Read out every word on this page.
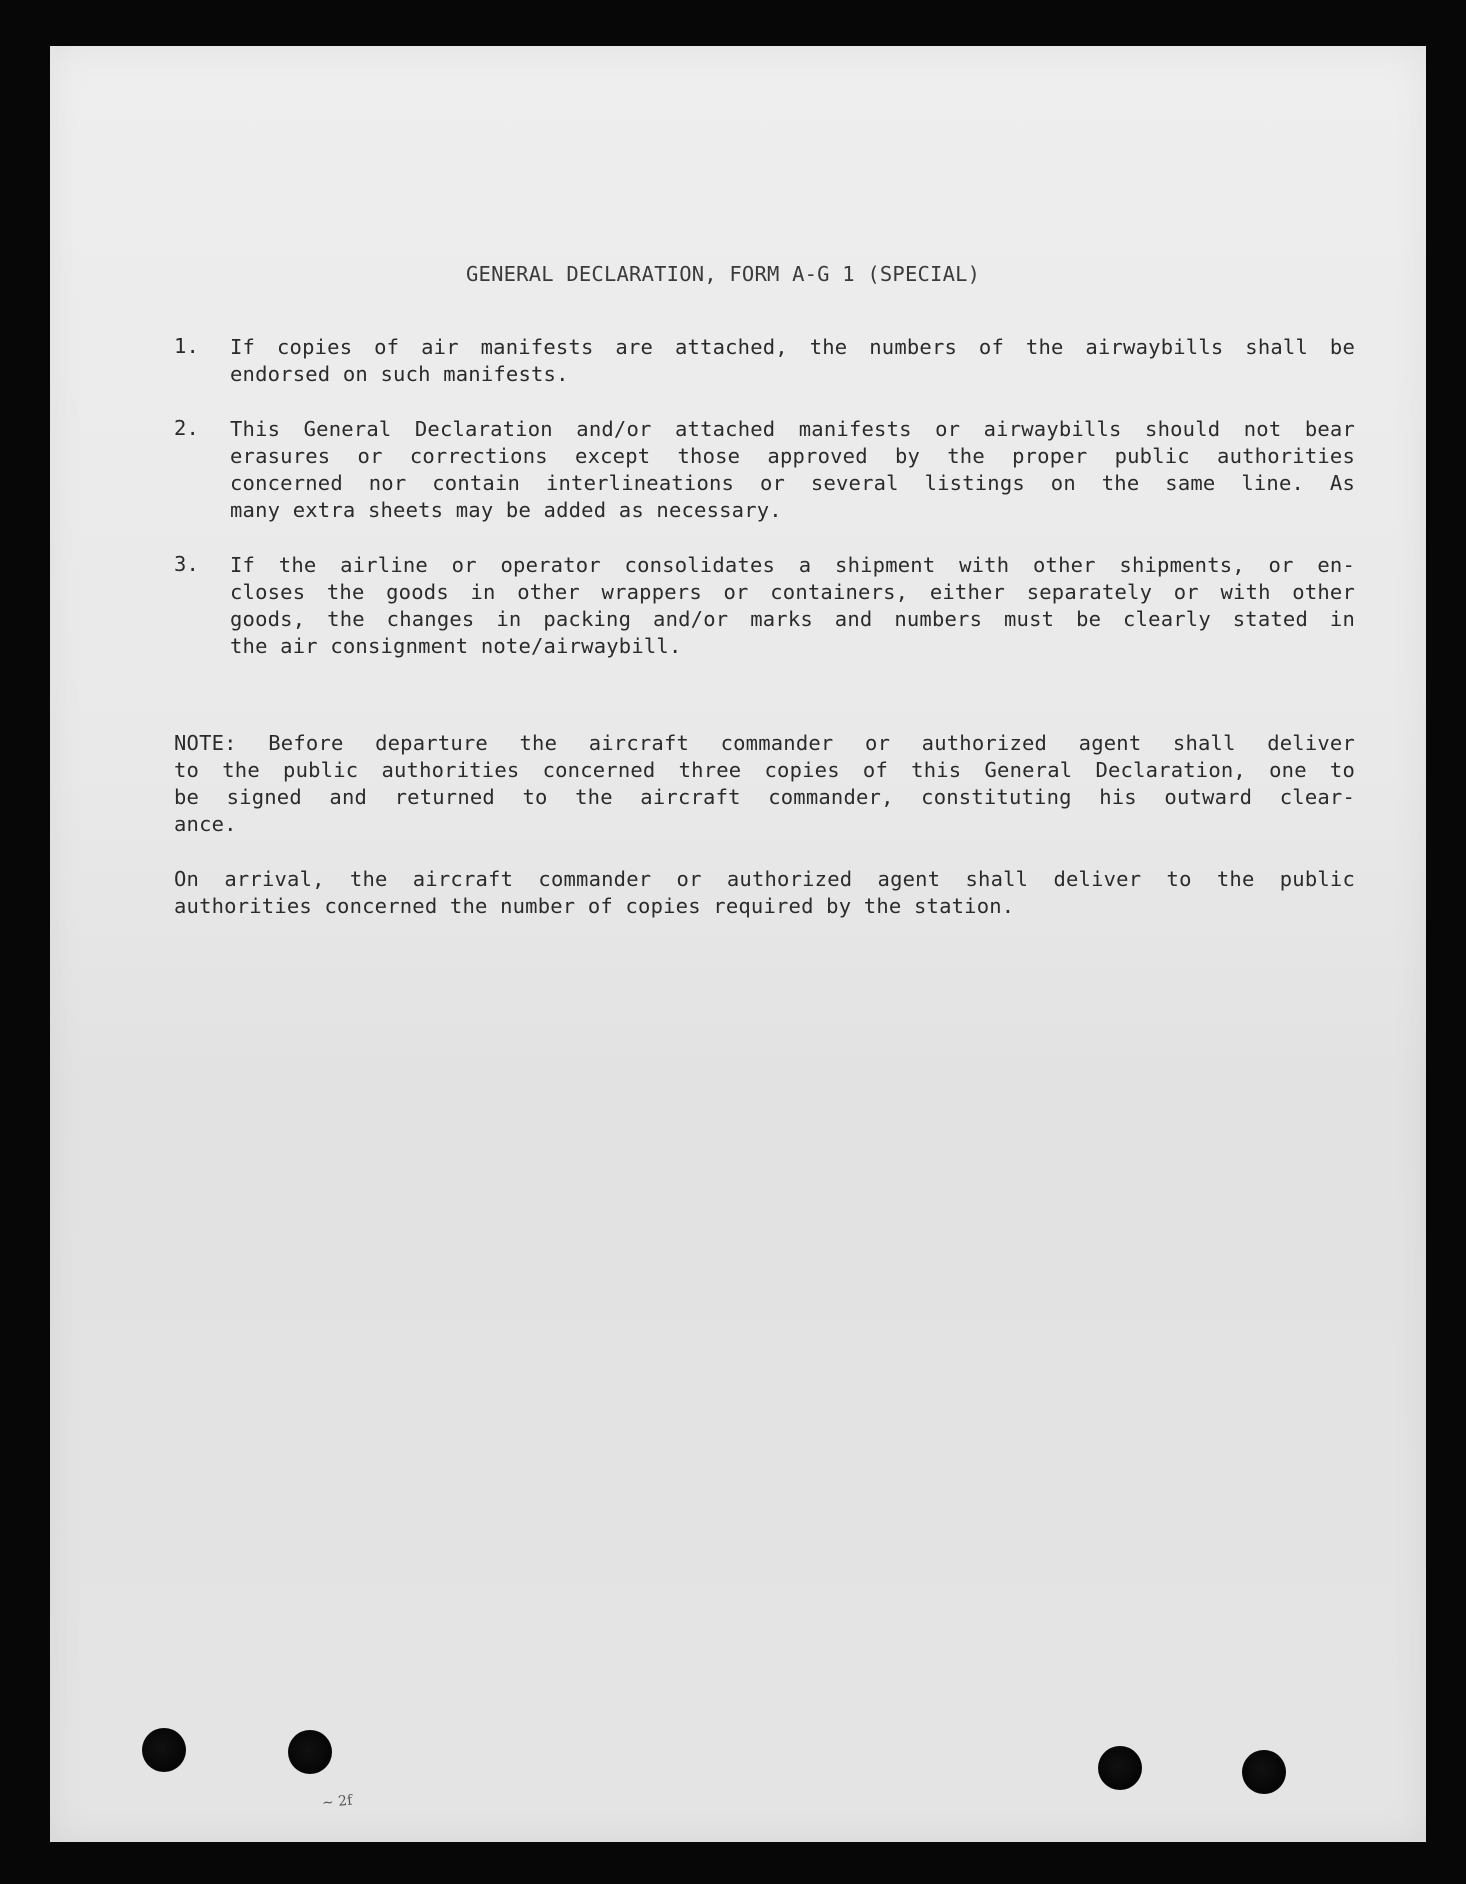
GENERAL DECLARATION, FORM A-G 1 (SPECIAL)
1. If copies of air manifests are attached, the numbers of the airwaybills shall be
endorsed on such manifests.
2. This General Declaration and/or attached manifests or airwaybills should not bear
erasures or corrections except those approved by the proper public authorities
concerned nor contain interlineations or several listings on the same line. As
many extra sheets may be added as necessary.
3. If the airline or operator consolidates a shipment with other shipments, or en-
closes the goods in other wrappers or containers, either separately or with other
goods, the changes in packing and/or marks and numbers must be clearly stated in
the air consignment note/airwaybill.
NOTE: Before departure the aircraft commander or authorized agent shall deliver
to the public authorities concerned three copies of this General Declaration, one to
be signed and returned to the aircraft commander, constituting his outward clear-
ance.
On arrival, the aircraft commander or authorized agent shall deliver to the public
authorities concerned the number of copies required by the station.
~ 2f
